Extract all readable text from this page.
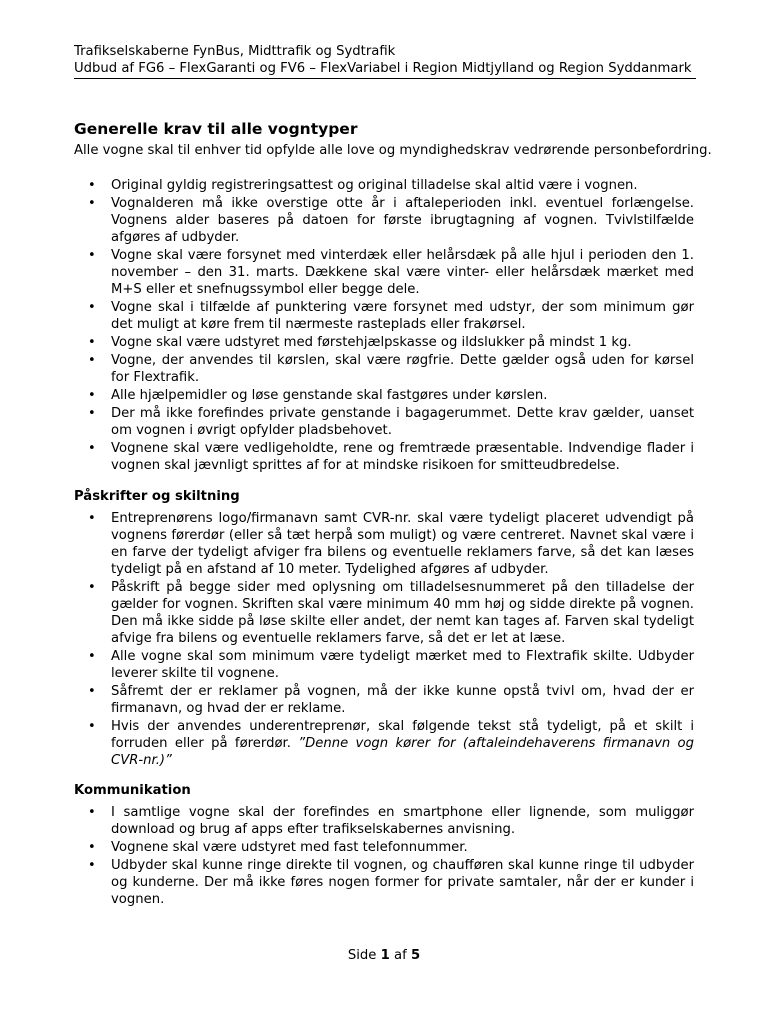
Trafikselskaberne FynBus, Midttrafik og Sydtrafik
Udbud af FG6 – FlexGaranti og FV6 – FlexVariabel i Region Midtjylland og Region Syddanmark
Generelle krav til alle vogntyper

Alle vogne skal til enhver tid opfylde alle love og myndighedskrav vedrørende personbefordring.

• Original gyldig registreringsattest og original tilladelse skal altid være i vognen.
• Vognalderen må ikke overstige otte år i aftaleperioden inkl. eventuel forlængelse. Vognens alder baseres på datoen for første ibrugtagning af vognen. Tvivlstilfælde afgøres af udbyder.
• Vogne skal være forsynet med vinterdæk eller helårsdæk på alle hjul i perioden den 1. november – den 31. marts. Dækkene skal være vinter- eller helårsdæk mærket med M+S eller et snefnugssymbol eller begge dele.
• Vogne skal i tilfælde af punktering være forsynet med udstyr, der som minimum gør det muligt at køre frem til nærmeste rasteplads eller frakørsel.
• Vogne skal være udstyret med førstehjælpskasse og ildslukker på mindst 1 kg.
• Vogne, der anvendes til kørslen, skal være røgfrie. Dette gælder også uden for kørsel for Flextrafik.
• Alle hjælpemidler og løse genstande skal fastgøres under kørslen.
• Der må ikke forefindes private genstande i bagagerummet. Dette krav gælder, uanset om vognen i øvrigt opfylder pladsbehovet.
• Vognene skal være vedligeholdte, rene og fremtræde præsentable. Indvendige flader i vognen skal jævnligt sprittes af for at mindske risikoen for smitteudbredelse.
Påskrifter og skiltning
• Entreprenørens logo/firmanavn samt CVR-nr. skal være tydeligt placeret udvendigt på vognens førerdør (eller så tæt herpå som muligt) og være centreret. Navnet skal være i en farve der tydeligt afviger fra bilens og eventuelle reklamers farve, så det kan læses tydeligt på en afstand af 10 meter. Tydelighed afgøres af udbyder.
• Påskrift på begge sider med oplysning om tilladelsesnummeret på den tilladelse der gælder for vognen. Skriften skal være minimum 40 mm høj og sidde direkte på vognen. Den må ikke sidde på løse skilte eller andet, der nemt kan tages af. Farven skal tydeligt afvige fra bilens og eventuelle reklamers farve, så det er let at læse.
• Alle vogne skal som minimum være tydeligt mærket med to Flextrafik skilte. Udbyder leverer skilte til vognene.
• Såfremt der er reklamer på vognen, må der ikke kunne opstå tvivl om, hvad der er firmanavn, og hvad der er reklame.
• Hvis der anvendes underentreprenør, skal følgende tekst stå tydeligt, på et skilt i forruden eller på førerdør. ”Denne vogn kører for (aftaleindehaverens firmanavn og CVR-nr.)”
Kommunikation
• I samtlige vogne skal der forefindes en smartphone eller lignende, som muliggør download og brug af apps efter trafikselskabernes anvisning.
• Vognene skal være udstyret med fast telefonnummer.
• Udbyder skal kunne ringe direkte til vognen, og chaufføren skal kunne ringe til udbyder og kunderne. Der må ikke føres nogen former for private samtaler, når der er kunder i vognen.
Side 1 af 5
